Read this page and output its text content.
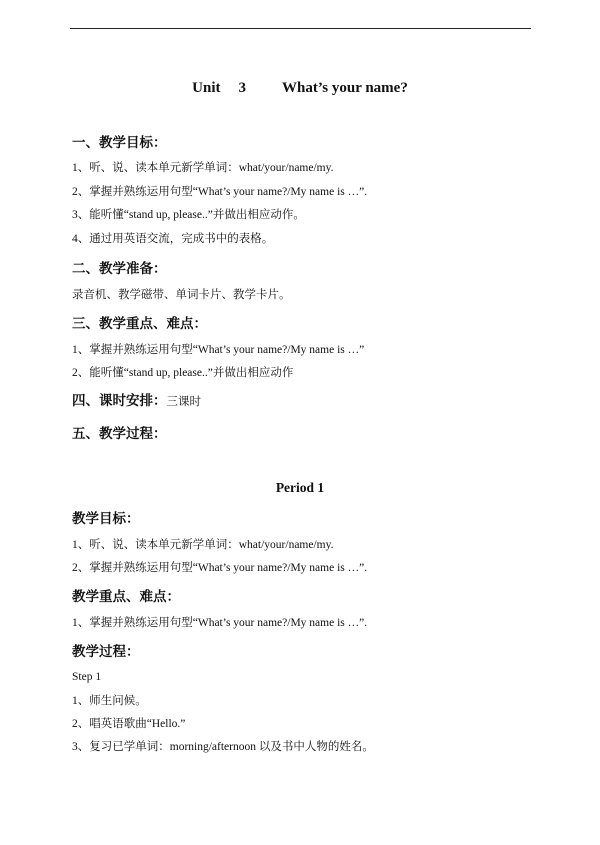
Unit 3 What’s your name?
一、教学目标：
1、听、说、读本单元新学单词：what/your/name/my.
2、掌握并熟练运用句型“What’s your name?/My name is …”.
3、能听懂“stand up, please..”并做出相应动作。
4、通过用英语交流，完成书中的表格。
二、教学准备：
录音机、教学磁带、单词卡片、教学卡片。
三、教学重点、难点：
1、掌握并熟练运用句型“What’s your name?/My name is …”
2、能听懂“stand up, please..”并做出相应动作
四、课时安排：三课时
五、教学过程：
Period 1
教学目标：
1、听、说、读本单元新学单词：what/your/name/my.
2、掌握并熟练运用句型“What’s your name?/My name is …”.
教学重点、难点：
1、掌握并熟练运用句型“What’s your name?/My name is …”.
教学过程：
Step 1
1、师生问候。
2、唱英语歌曲“Hello.”
3、复习已学单词：morning/afternoon 以及书中人物的姓名。
